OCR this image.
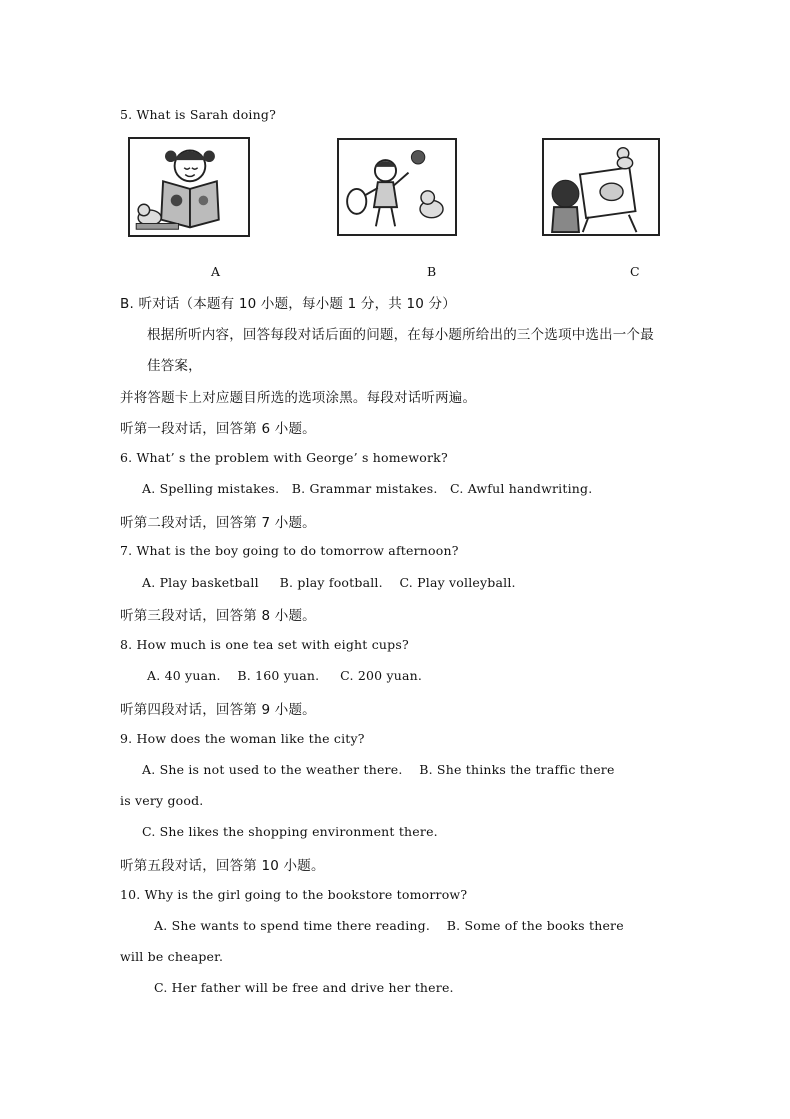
5. What is Sarah doing?
A	B	C
B. 听对话（本题有 10 小题，每小题 1 分，共 10 分）
根据所听内容，回答每段对话后面的问题，在每小题所给出的三个选项中选出一个最
佳答案，
并将答题卡上对应题目所选的选项涂黑。每段对话听两遍。
听第一段对话，回答第 6 小题。
6. What’ s the problem with George’ s homework?
A. Spelling mistakes.   B. Grammar mistakes.   C. Awful handwriting.
听第二段对话，回答第 7 小题。
7. What is the boy going to do tomorrow afternoon?
A. Play basketball     B. play football.    C. Play volleyball.
听第三段对话，回答第 8 小题。
8. How much is one tea set with eight cups?
A. 40 yuan.    B. 160 yuan.     C. 200 yuan.
听第四段对话，回答第 9 小题。
9. How does the woman like the city?
A. She is not used to the weather there.    B. She thinks the traffic there
is very good.
C. She likes the shopping environment there.
听第五段对话，回答第 10 小题。
10. Why is the girl going to the bookstore tomorrow?
A. She wants to spend time there reading.    B. Some of the books there
will be cheaper.
C. Her father will be free and drive her there.
